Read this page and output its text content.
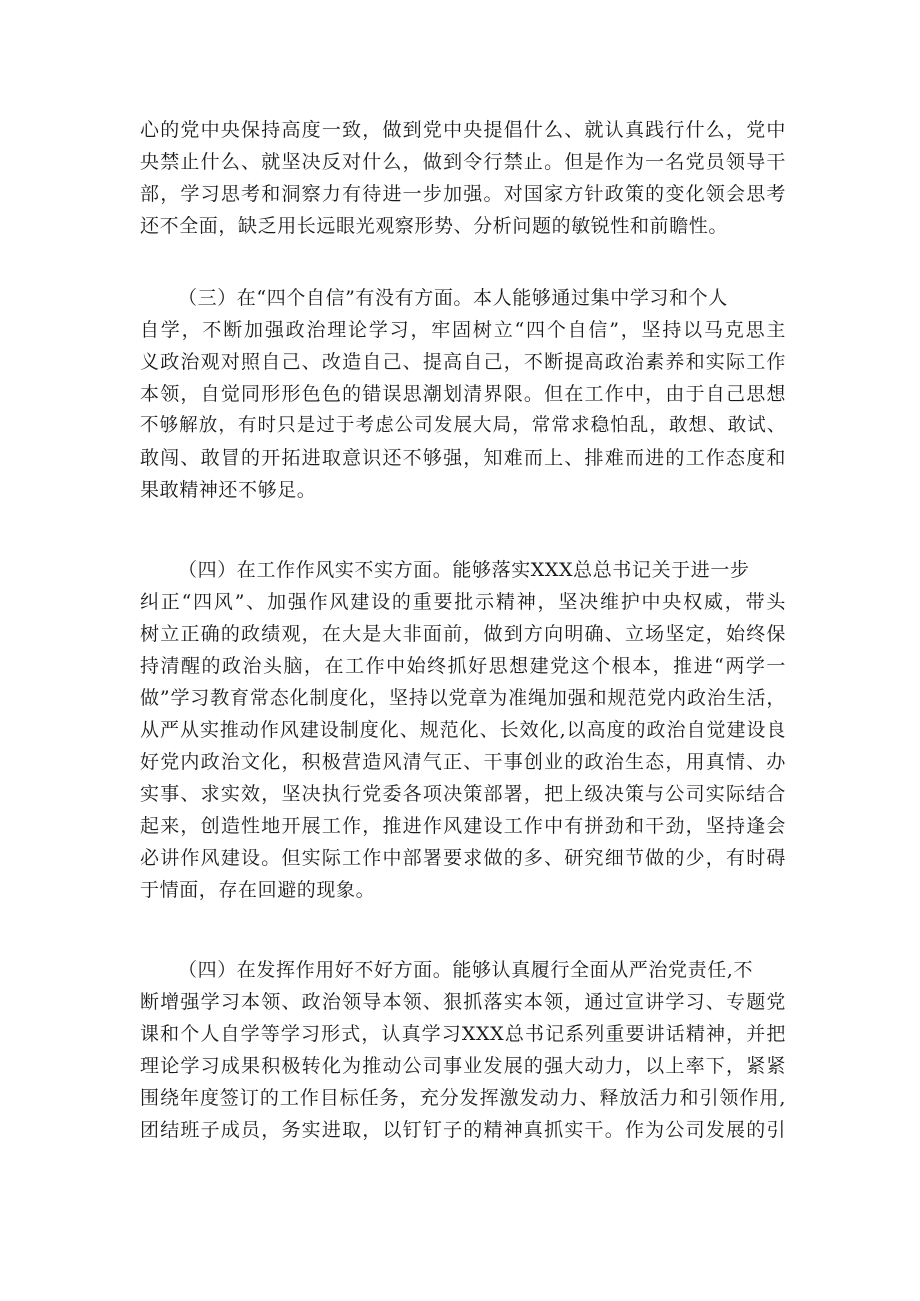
心的党中央保持高度一致，做到党中央提倡什么、就认真践行什么，党中
央禁止什么、就坚决反对什么，做到令行禁止。但是作为一名党员领导干
部，学习思考和洞察力有待进一步加强。对国家方针政策的变化领会思考
还不全面，缺乏用长远眼光观察形势、分析问题的敏锐性和前瞻性。
（三）在“四个自信”有没有方面。本人能够通过集中学习和个人
自学，不断加强政治理论学习，牢固树立“四个自信”，坚持以马克思主
义政治观对照自己、改造自己、提高自己，不断提高政治素养和实际工作
本领，自觉同形形色色的错误思潮划清界限。但在工作中，由于自己思想
不够解放，有时只是过于考虑公司发展大局，常常求稳怕乱，敢想、敢试、
敢闯、敢冒的开拓进取意识还不够强，知难而上、排难而进的工作态度和
果敢精神还不够足。
（四）在工作作风实不实方面。能够落实XXX总总书记关于进一步
纠正“四风”、加强作风建设的重要批示精神，坚决维护中央权威，带头
树立正确的政绩观，在大是大非面前，做到方向明确、立场坚定，始终保
持清醒的政治头脑，在工作中始终抓好思想建党这个根本，推进“两学一
做”学习教育常态化制度化，坚持以党章为准绳加强和规范党内政治生活，
从严从实推动作风建设制度化、规范化、长效化,以高度的政治自觉建设良
好党内政治文化，积极营造风清气正、干事创业的政治生态，用真情、办
实事、求实效，坚决执行党委各项决策部署，把上级决策与公司实际结合
起来，创造性地开展工作，推进作风建设工作中有拼劲和干劲，坚持逢会
必讲作风建设。但实际工作中部署要求做的多、研究细节做的少，有时碍
于情面，存在回避的现象。
（四）在发挥作用好不好方面。能够认真履行全面从严治党责任,不
断增强学习本领、政治领导本领、狠抓落实本领，通过宣讲学习、专题党
课和个人自学等学习形式，认真学习XXX总书记系列重要讲话精神，并把
理论学习成果积极转化为推动公司事业发展的强大动力，以上率下，紧紧
围绕年度签订的工作目标任务，充分发挥激发动力、释放活力和引领作用,
团结班子成员，务实进取，以钉钉子的精神真抓实干。作为公司发展的引
